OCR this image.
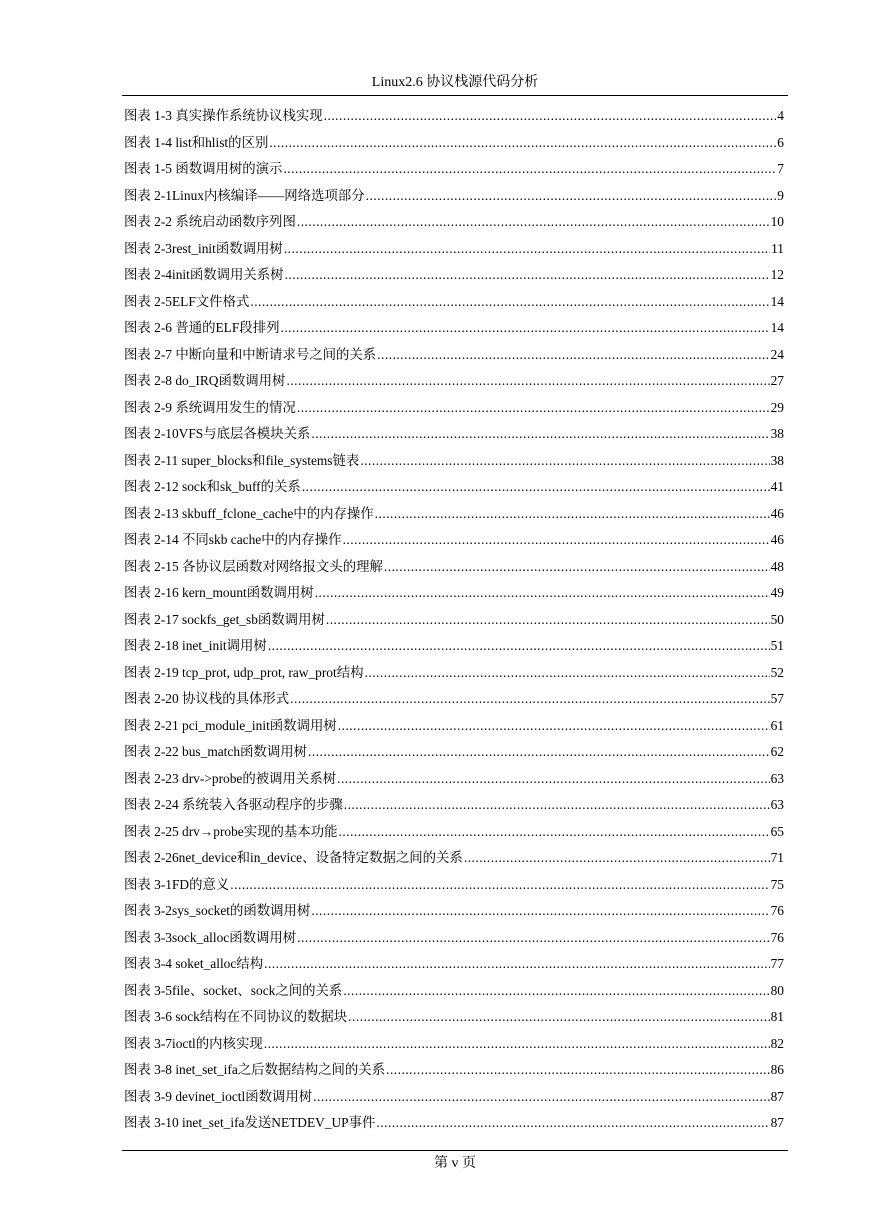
Linux2.6 协议栈源代码分析
图表 1-3 真实操作系统协议栈实现 .....	4
图表 1-4 list和hlist的区别 .....	6
图表 1-5 函数调用树的演示 .....	7
图表 2-1Linux内核编译——网络选项部分 .....	9
图表 2-2 系统启动函数序列图 .....	10
图表 2-3rest_init函数调用树 .....	11
图表 2-4init函数调用关系树 .....	12
图表 2-5ELF文件格式 .....	14
图表 2-6 普通的ELF段排列 .....	14
图表 2-7 中断向量和中断请求号之间的关系 .....	24
图表 2-8 do_IRQ函数调用树 .....	27
图表 2-9 系统调用发生的情况 .....	29
图表 2-10VFS与底层各模块关系 .....	38
图表 2-11 super_blocks和file_systems链表 .....	38
图表 2-12 sock和sk_buff的关系 .....	41
图表 2-13 skbuff_fclone_cache中的内存操作 .....	46
图表 2-14 不同skb cache中的内存操作 .....	46
图表 2-15 各协议层函数对网络报文头的理解 .....	48
图表 2-16 kern_mount函数调用树 .....	49
图表 2-17 sockfs_get_sb函数调用树 .....	50
图表 2-18 inet_init调用树 .....	51
图表 2-19 tcp_prot, udp_prot, raw_prot结构 .....	52
图表 2-20 协议栈的具体形式 .....	57
图表 2-21 pci_module_init函数调用树 .....	61
图表 2-22 bus_match函数调用树 .....	62
图表 2-23 drv->probe的被调用关系树 .....	63
图表 2-24 系统装入各驱动程序的步骤 .....	63
图表 2-25 drv→probe实现的基本功能 .....	65
图表 2-26net_device和in_device、设备特定数据之间的关系 .....	71
图表 3-1FD的意义 .....	75
图表 3-2sys_socket的函数调用树 .....	76
图表 3-3sock_alloc函数调用树 .....	76
图表 3-4 soket_alloc结构 .....	77
图表 3-5file、socket、sock之间的关系 .....	80
图表 3-6 sock结构在不同协议的数据块 .....	81
图表 3-7ioctl的内核实现 .....	82
图表 3-8 inet_set_ifa之后数据结构之间的关系 .....	86
图表 3-9 devinet_ioctl函数调用树 .....	87
图表 3-10 inet_set_ifa发送NETDEV_UP事件 .....	87
第 v 页
